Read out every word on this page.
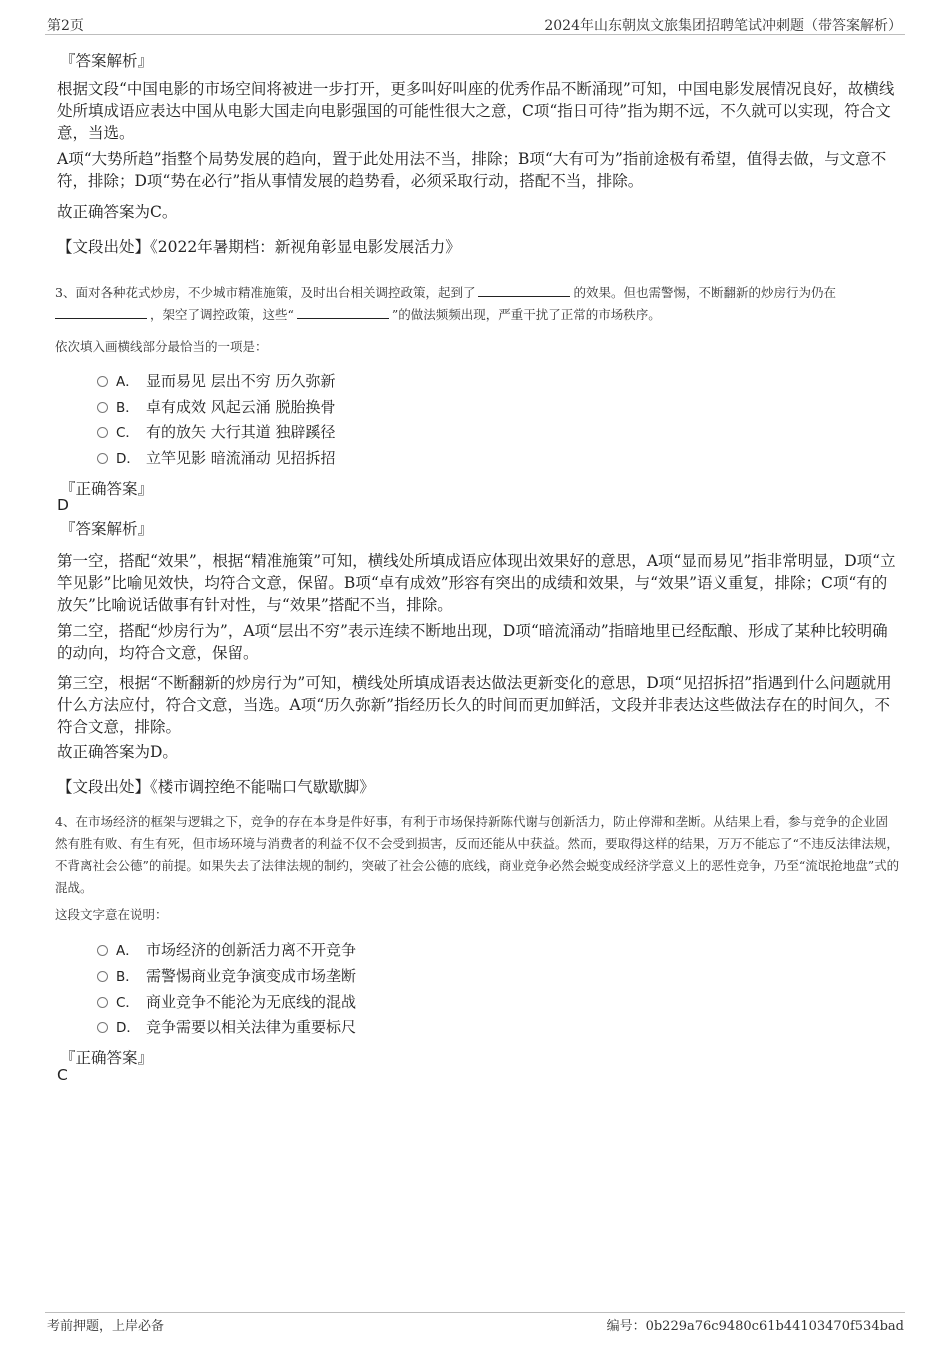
第2页	2024年山东朝岚文旅集团招聘笔试冲刺题（带答案解析）
『答案解析』
根据文段“中国电影的市场空间将被进一步打开，更多叫好叫座的优秀作品不断涌现”可知，中国电影发展情况良好，故横线处所填成语应表达中国从电影大国走向电影强国的可能性很大之意，C项“指日可待”指为期不远，不久就可以实现，符合文意，当选。
A项“大势所趋”指整个局势发展的趋向，置于此处用法不当，排除；B项“大有可为”指前途极有希望，值得去做，与文意不符，排除；D项“势在必行”指从事情发展的趋势看，必须采取行动，搭配不当，排除。
故正确答案为C。
【文段出处】《2022年暑期档：新视角彰显电影发展活力》
3、面对各种花式炒房，不少城市精准施策，及时出台相关调控政策，起到了	的效果。但也需警惕，不断翻新的炒房行为仍在
，架空了调控政策，这些“	”的做法频频出现，严重干扰了正常的市场秩序。
依次填入画横线部分最恰当的一项是：
A． 显而易见 层出不穷 历久弥新
B． 卓有成效 风起云涌 脱胎换骨
C． 有的放矢 大行其道 独辟蹊径
D． 立竿见影 暗流涌动 见招拆招
『正确答案』
D
『答案解析』
第一空，搭配“效果”，根据“精准施策”可知，横线处所填成语应体现出效果好的意思，A项“显而易见”指非常明显，D项“立竿见影”比喻见效快，均符合文意，保留。B项“卓有成效”形容有突出的成绩和效果，与“效果”语义重复，排除；C项“有的放矢”比喻说话做事有针对性，与“效果”搭配不当，排除。
第二空，搭配“炒房行为”，A项“层出不穷”表示连续不断地出现，D项“暗流涌动”指暗地里已经酝酿、形成了某种比较明确的动向，均符合文意，保留。
第三空，根据“不断翻新的炒房行为”可知，横线处所填成语表达做法更新变化的意思，D项“见招拆招”指遇到什么问题就用什么方法应付，符合文意，当选。A项“历久弥新”指经历长久的时间而更加鲜活，文段并非表达这些做法存在的时间久，不符合文意，排除。
故正确答案为D。
【文段出处】《楼市调控绝不能喘口气歇歇脚》
4、在市场经济的框架与逻辑之下，竞争的存在本身是件好事，有利于市场保持新陈代谢与创新活力，防止停滞和垄断。从结果上看，参与竞争的企业固然有胜有败、有生有死，但市场环境与消费者的利益不仅不会受到损害，反而还能从中获益。然而，要取得这样的结果，万万不能忘了“不违反法律法规，不背离社会公德”的前提。如果失去了法律法规的制约，突破了社会公德的底线，商业竞争必然会蜕变成经济学意义上的恶性竞争，乃至“流氓抢地盘”式的混战。
这段文字意在说明：
A． 市场经济的创新活力离不开竞争
B． 需警惕商业竞争演变成市场垄断
C． 商业竞争不能沦为无底线的混战
D． 竞争需要以相关法律为重要标尺
『正确答案』
C
考前押题，上岸必备	编号：0b229a76c9480c61b44103470f534bad
